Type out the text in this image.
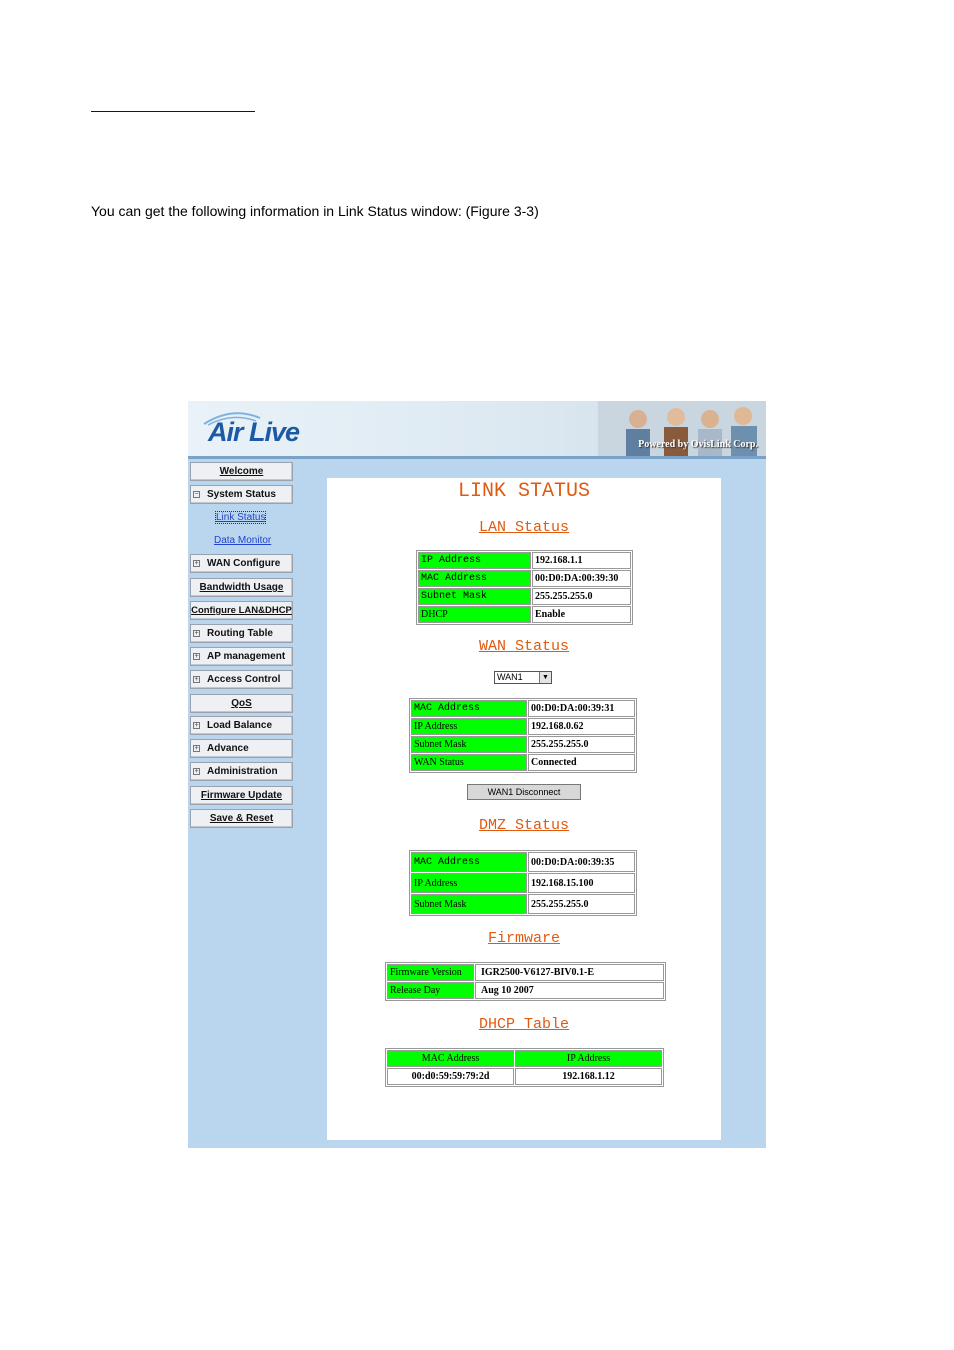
You can get the following information in Link Status window: (Figure 3-3)
Air Live	Powered by OvisLink Corp.
Welcome
− System Status
Link Status
Data Monitor
+ WAN Configure
Bandwidth Usage
Configure LAN&DHCP
+ Routing Table
+ AP management
+ Access Control
QoS
+ Load Balance
+ Advance
+ Administration
Firmware Update
Save & Reset
LINK STATUS
LAN Status
IP Address	192.168.1.1
MAC Address	00:D0:DA:00:39:30
Subnet Mask	255.255.255.0
DHCP	Enable
WAN Status
WAN1	▼
MAC Address	00:D0:DA:00:39:31
IP Address	192.168.0.62
Subnet Mask	255.255.255.0
WAN Status	Connected
WAN1 Disconnect
DMZ Status
MAC Address	00:D0:DA:00:39:35
IP Address	192.168.15.100
Subnet Mask	255.255.255.0
Firmware
Firmware Version	IGR2500-V6127-BIV0.1-E
Release Day	Aug 10 2007
DHCP Table
MAC Address	IP Address
00:d0:59:59:79:2d	192.168.1.12
